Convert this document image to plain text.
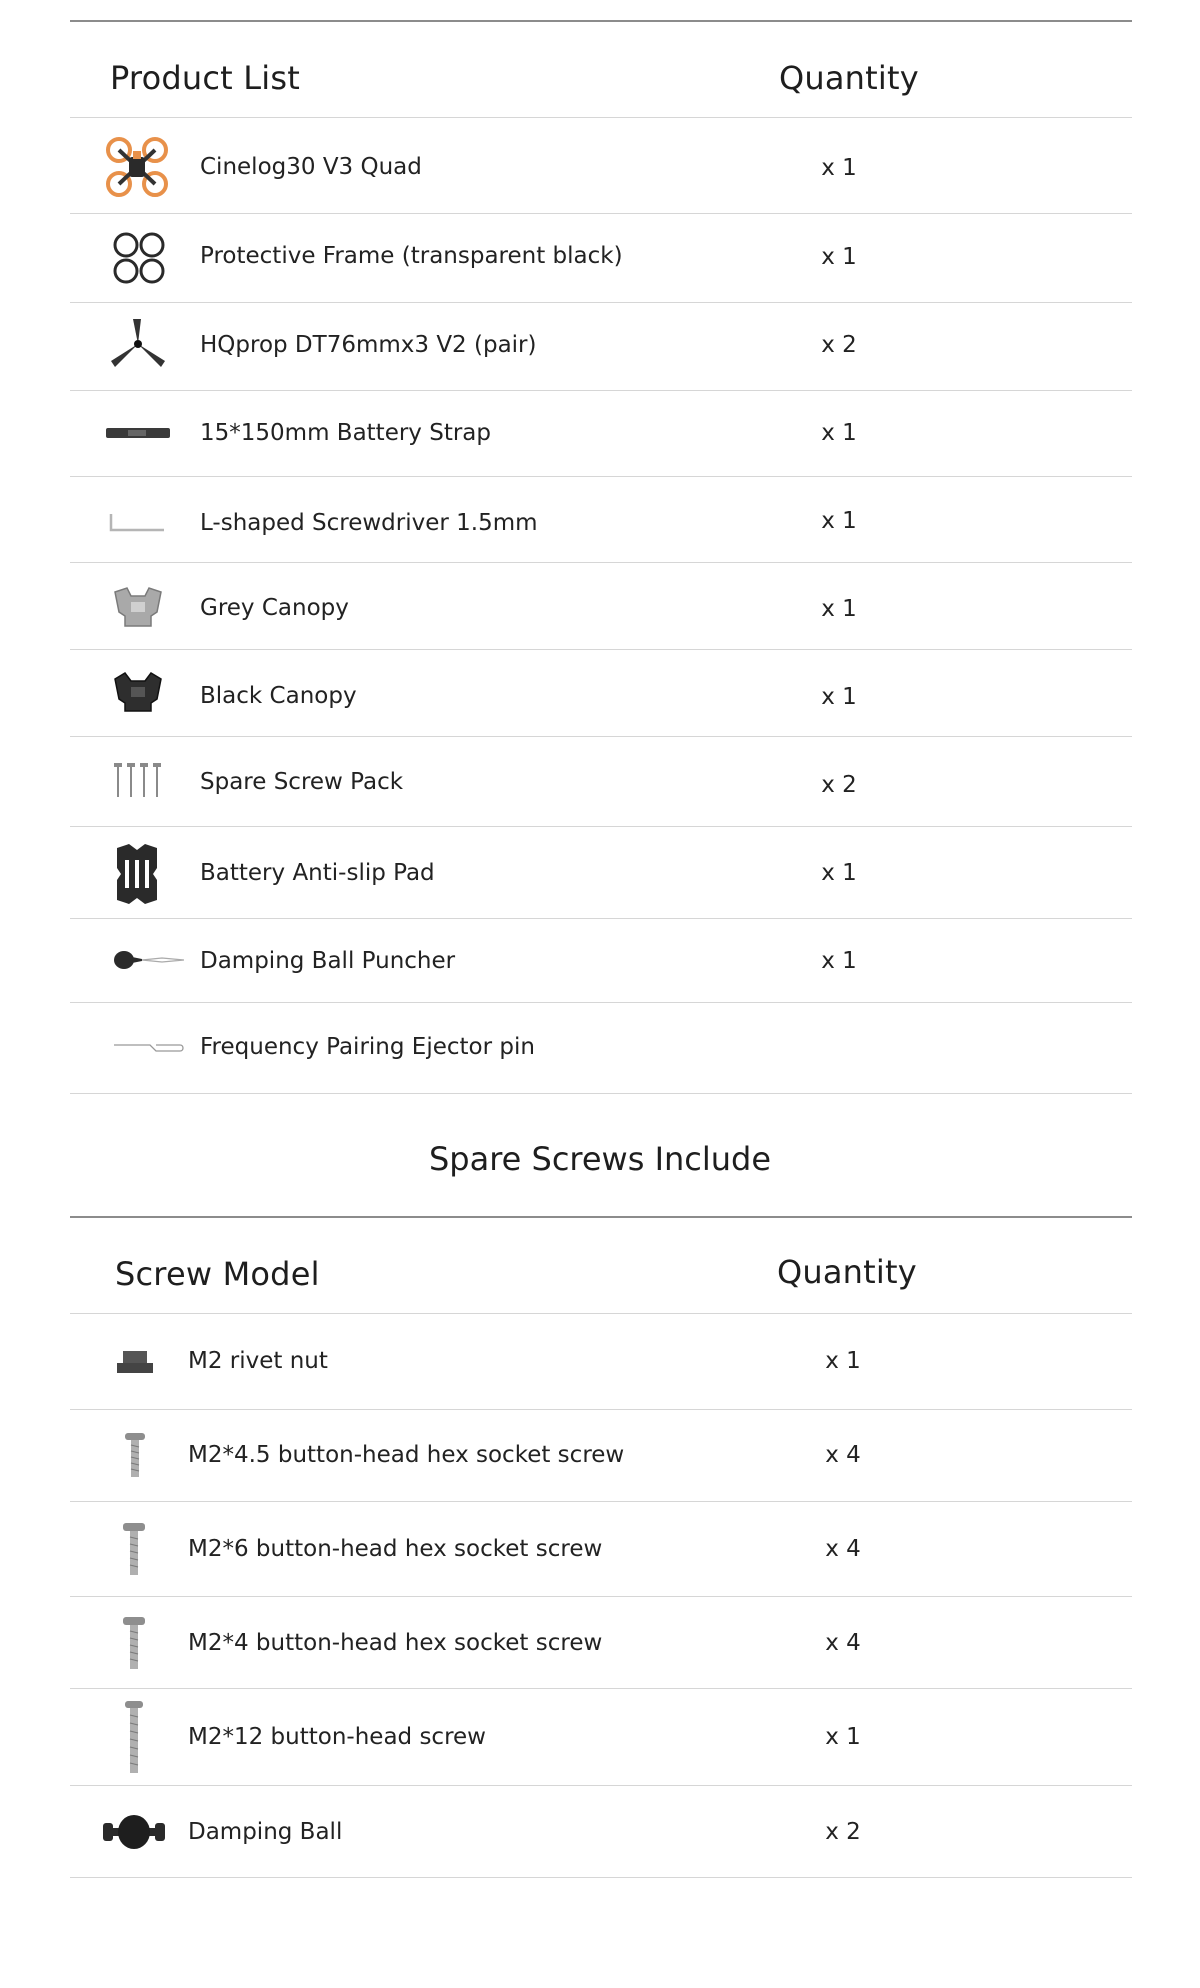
Product List	Quantity
Cinelog30 V3 Quad	x 1
Protective Frame (transparent black)	x 1
HQprop DT76mmx3 V2 (pair)	x 2
15*150mm Battery Strap	x 1
L-shaped Screwdriver 1.5mm	x 1
Grey Canopy	x 1
Black Canopy	x 1
Spare Screw Pack	x 2
Battery Anti-slip Pad	x 1
Damping Ball Puncher	x 1
Frequency Pairing Ejector pin
Spare Screws Include
Screw Model	Quantity
M2 rivet nut	x 1
M2*4.5 button-head hex socket screw	x 4
M2*6 button-head hex socket screw	x 4
M2*4 button-head hex socket screw	x 4
M2*12 button-head screw	x 1
Damping Ball	x 2
